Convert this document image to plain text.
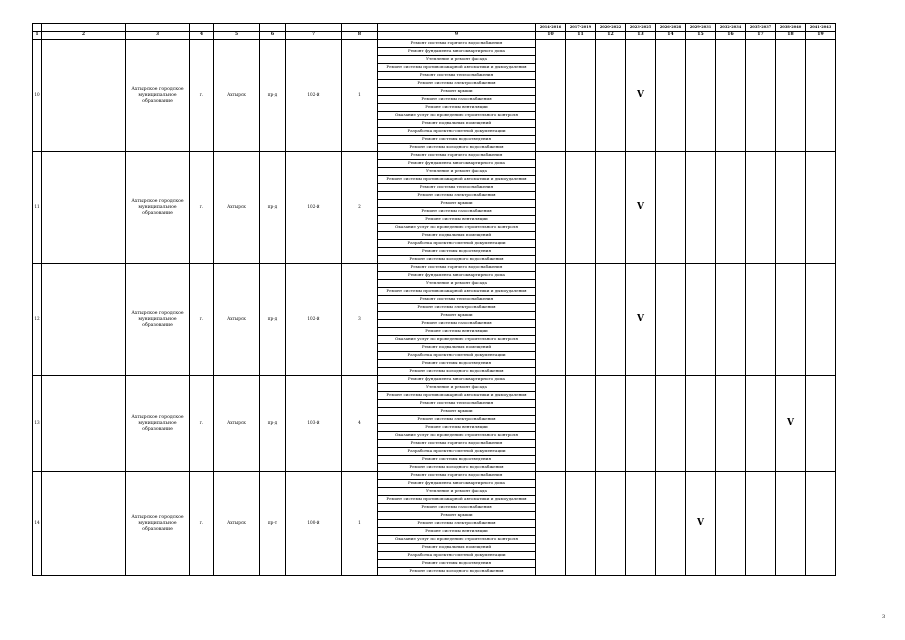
									2014-2016	2017-2019	2020-2022	2023-2025	2026-2028	2029-2031	2032-2034	2035-2037	2038-2040	2041-2043
1	2	3	4	5	6	7	8	9	10	11	12	13	14	15	16	17	18	19
10		Ахтырское городское муниципальное образование	г.	Ахтырск	пр-д	102-й	1	Ремонт системы горячего водоснабжения				V						
								Ремонт фундамента многоквартирного дома										
								Утепление и ремонт фасада										
								Ремонт системы противопожарной автоматики и дымоудаления										
								Ремонт системы теплоснабжения										
								Ремонт системы электроснабжения										
								Ремонт крыши										
								Ремонт системы газоснабжения										
								Ремонт системы вентиляции										
								Оказание услуг по проведению строительного контроля										
								Ремонт подвальных помещений										
								Разработка проектно-сметной документации										
								Ремонт системы водоотведения										
								Ремонт системы холодного водоснабжения										
11		Ахтырское городское муниципальное образование	г.	Ахтырск	пр-д	102-й	2	Ремонт системы горячего водоснабжения				V						
								Ремонт фундамента многоквартирного дома										
								Утепление и ремонт фасада										
								Ремонт системы противопожарной автоматики и дымоудаления										
								Ремонт системы теплоснабжения										
								Ремонт системы электроснабжения										
								Ремонт крыши										
								Ремонт системы газоснабжения										
								Ремонт системы вентиляции										
								Оказание услуг по проведению строительного контроля										
								Ремонт подвальных помещений										
								Разработка проектно-сметной документации										
								Ремонт системы водоотведения										
								Ремонт системы холодного водоснабжения										
12		Ахтырское городское муниципальное образование	г.	Ахтырск	пр-д	102-й	3	Ремонт системы горячего водоснабжения				V						
								Ремонт фундамента многоквартирного дома										
								Утепление и ремонт фасада										
								Ремонт системы противопожарной автоматики и дымоудаления										
								Ремонт системы теплоснабжения										
								Ремонт системы электроснабжения										
								Ремонт крыши										
								Ремонт системы газоснабжения										
								Ремонт системы вентиляции										
								Оказание услуг по проведению строительного контроля										
								Ремонт подвальных помещений										
								Разработка проектно-сметной документации										
								Ремонт системы водоотведения										
								Ремонт системы холодного водоснабжения										
13		Ахтырское городское муниципальное образование	г.	Ахтырск	пр-д	103-й	4	Ремонт фундамента многоквартирного дома									V	
								Утепление и ремонт фасада										
								Ремонт системы противопожарной автоматики и дымоудаления										
								Ремонт системы теплоснабжения										
								Ремонт крыши										
								Ремонт системы электроснабжения										
								Ремонт системы вентиляции										
								Оказание услуг по проведению строительного контроля										
								Ремонт системы горячего водоснабжения										
								Разработка проектно-сметной документации										
								Ремонт системы водоотведения										
								Ремонт системы холодного водоснабжения										
14		Ахтырское городское муниципальное образование	г.	Ахтырск	пр-т	100-й	1	Ремонт системы горячего водоснабжения						V				
								Ремонт фундамента многоквартирного дома										
								Утепление и ремонт фасада										
								Ремонт системы противопожарной автоматики и дымоудаления										
								Ремонт системы газоснабжения										
								Ремонт крыши										
								Ремонт системы электроснабжения										
								Ремонт системы вентиляции										
								Оказание услуг по проведению строительного контроля										
								Ремонт подвальных помещений										
								Разработка проектно-сметной документации										
								Ремонт системы водоотведения										
								Ремонт системы холодного водоснабжения										
3
